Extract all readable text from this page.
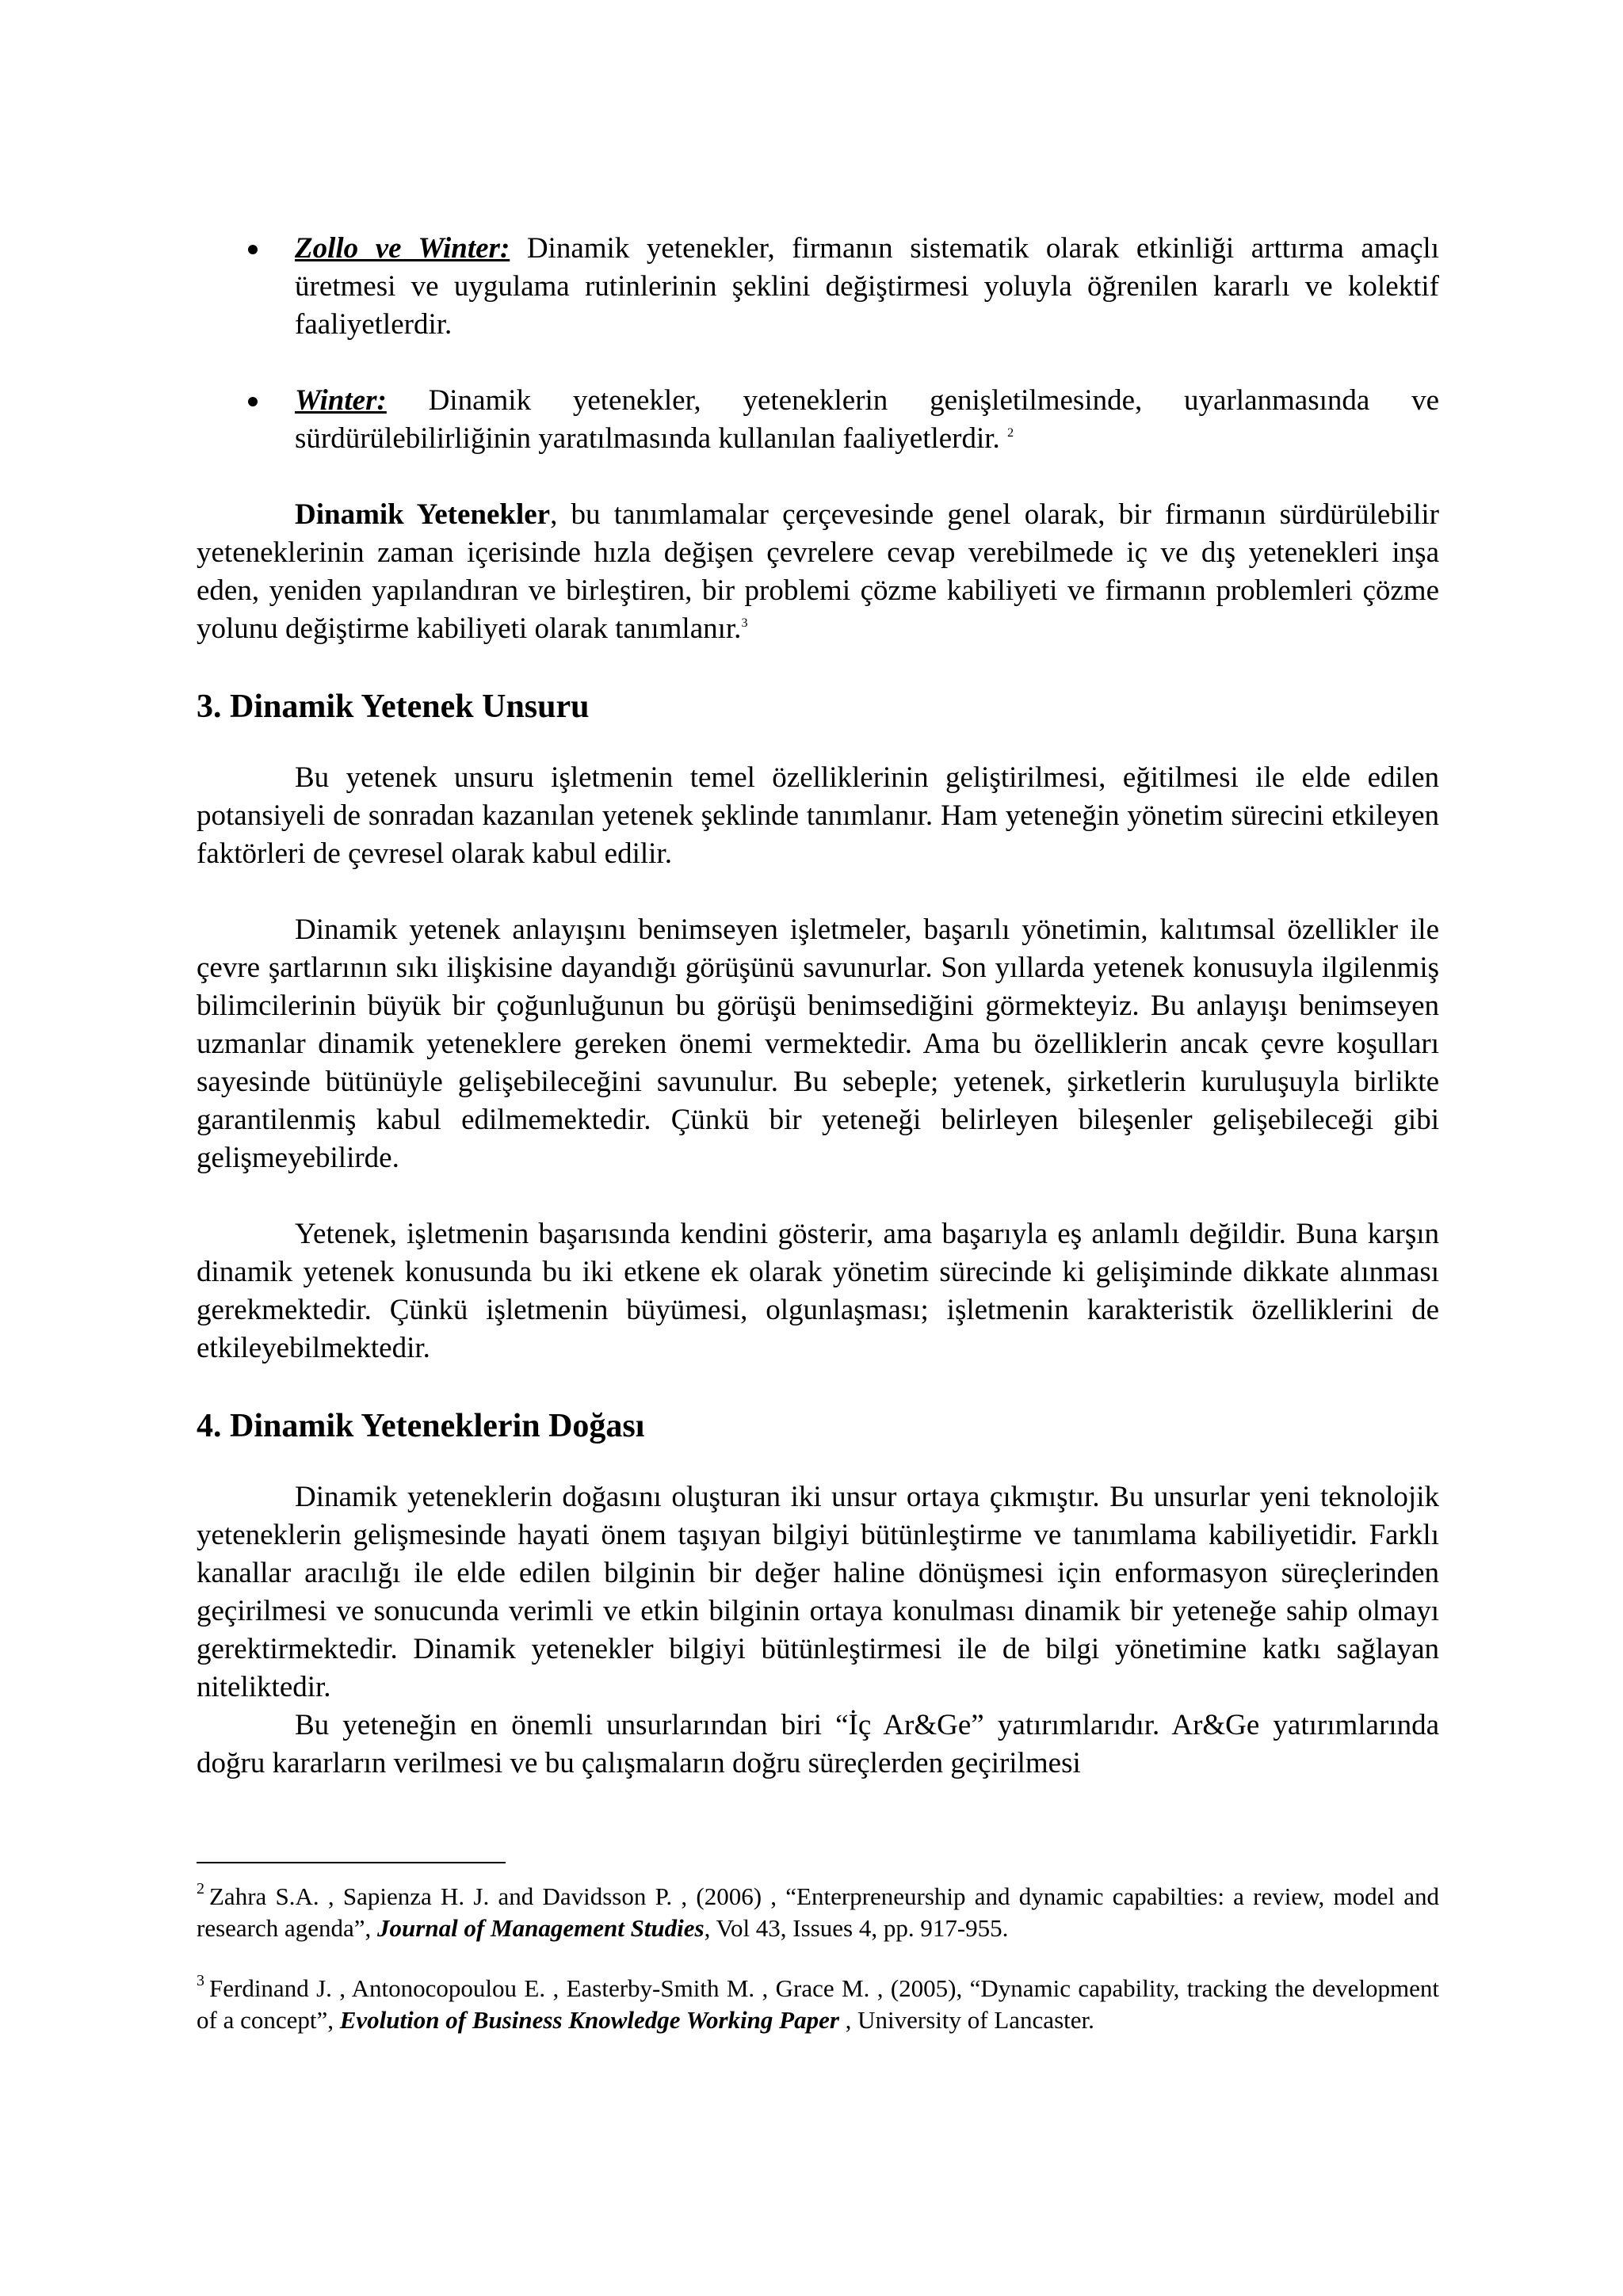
Zollo ve Winter: Dinamik yetenekler, firmanın sistematik olarak etkinliği arttırma amaçlı üretmesi ve uygulama rutinlerinin şeklini değiştirmesi yoluyla öğrenilen kararlı ve kolektif faaliyetlerdir.
Winter: Dinamik yetenekler, yeteneklerin genişletilmesinde, uyarlanmasında ve sürdürülebilirliğinin yaratılmasında kullanılan faaliyetlerdir. $^2$

Dinamik Yetenekler, bu tanımlamalar çerçevesinde genel olarak, bir firmanın sürdürülebilir yeteneklerinin zaman içerisinde hızla değişen çevrelere cevap verebilmede iç ve dış yetenekleri inşa eden, yeniden yapılandıran ve birleştiren, bir problemi çözme kabiliyeti ve firmanın problemleri çözme yolunu değiştirme kabiliyeti olarak tanımlanır.$^3$

3. Dinamik Yetenek Unsuru

Bu yetenek unsuru işletmenin temel özelliklerinin geliştirilmesi, eğitilmesi ile elde edilen potansiyeli de sonradan kazanılan yetenek şeklinde tanımlanır. Ham yeteneğin yönetim sürecini etkileyen faktörleri de çevresel olarak kabul edilir.

Dinamik yetenek anlayışını benimseyen işletmeler, başarılı yönetimin, kalıtımsal özellikler ile çevre şartlarının sıkı ilişkisine dayandığı görüşünü savunurlar. Son yıllarda yetenek konusuyla ilgilenmiş bilimcilerinin büyük bir çoğunluğunun bu görüşü benimsediğini görmekteyiz. Bu anlayışı benimseyen uzmanlar dinamik yeteneklere gereken önemi vermektedir. Ama bu özelliklerin ancak çevre koşulları sayesinde bütünüyle gelişebileceğini savunulur. Bu sebeple; yetenek, şirketlerin kuruluşuyla birlikte garantilenmiş kabul edilmemektedir. Çünkü bir yeteneği belirleyen bileşenler gelişebileceği gibi gelişmeyebilirde.

Yetenek, işletmenin başarısında kendini gösterir, ama başarıyla eş anlamlı değildir. Buna karşın dinamik yetenek konusunda bu iki etkene ek olarak yönetim sürecinde ki gelişiminde dikkate alınması gerekmektedir. Çünkü işletmenin büyümesi, olgunlaşması; işletmenin karakteristik özelliklerini de etkileyebilmektedir.

4. Dinamik Yeteneklerin Doğası

Dinamik yeteneklerin doğasını oluşturan iki unsur ortaya çıkmıştır. Bu unsurlar yeni teknolojik yeteneklerin gelişmesinde hayati önem taşıyan bilgiyi bütünleştirme ve tanımlama kabiliyetidir. Farklı kanallar aracılığı ile elde edilen bilginin bir değer haline dönüşmesi için enformasyon süreçlerinden geçirilmesi ve sonucunda verimli ve etkin bilginin ortaya konulması dinamik bir yeteneğe sahip olmayı gerektirmektedir. Dinamik yetenekler bilgiyi bütünleştirmesi ile de bilgi yönetimine katkı sağlayan niteliktedir.

Bu yeteneğin en önemli unsurlarından biri “İç Ar&Ge” yatırımlarıdır. Ar&Ge yatırımlarında doğru kararların verilmesi ve bu çalışmaların doğru süreçlerden geçirilmesi

$^2$ Zahra S.A. , Sapienza H. J. and Davidsson P. , (2006) , “Enterpreneurship and dynamic capabilties: a review, model and research agenda”, Journal of Management Studies, Vol 43, Issues 4, pp. 917-955.
$^3$ Ferdinand J. , Antonocopoulou E. , Easterby-Smith M. , Grace M. , (2005), “Dynamic capability, tracking the development of a concept”, Evolution of Business Knowledge Working Paper , University of Lancaster.
